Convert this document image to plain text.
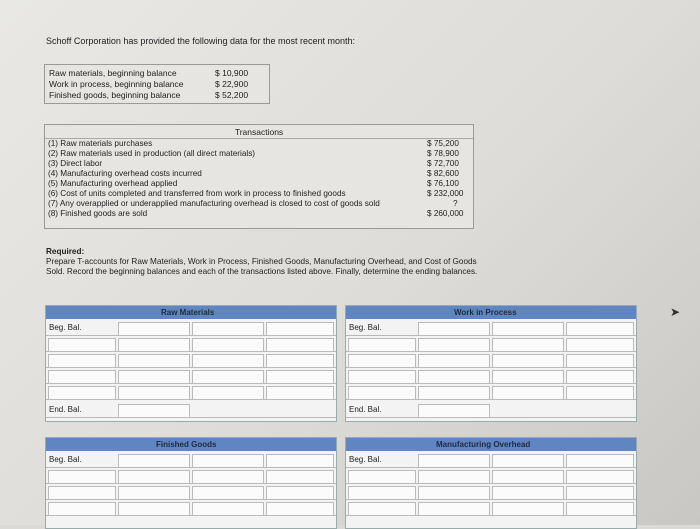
Schoff Corporation has provided the following data for the most recent month:
Raw materials, beginning balance	$ 10,900
Work in process, beginning balance	$ 22,900
Finished goods, beginning balance	$ 52,200
Transactions
(1) Raw materials purchases	$ 75,200
(2) Raw materials used in production (all direct materials)	$ 78,900
(3) Direct labor	$ 72,700
(4) Manufacturing overhead costs incurred	$ 82,600
(5) Manufacturing overhead applied	$ 76,100
(6) Cost of units completed and transferred from work in process to finished goods	$ 232,000
(7) Any overapplied or underapplied manufacturing overhead is closed to cost of goods sold	?
(8) Finished goods are sold	$ 260,000
Required:
Prepare T-accounts for Raw Materials, Work in Process, Finished Goods, Manufacturing Overhead, and Cost of Goods Sold. Record the beginning balances and each of the transactions listed above. Finally, determine the ending balances.
Raw Materials
Beg. Bal.
End. Bal.
Work in Process
Beg. Bal.
End. Bal.
Finished Goods
Beg. Bal.
Manufacturing Overhead
Beg. Bal.
➤
